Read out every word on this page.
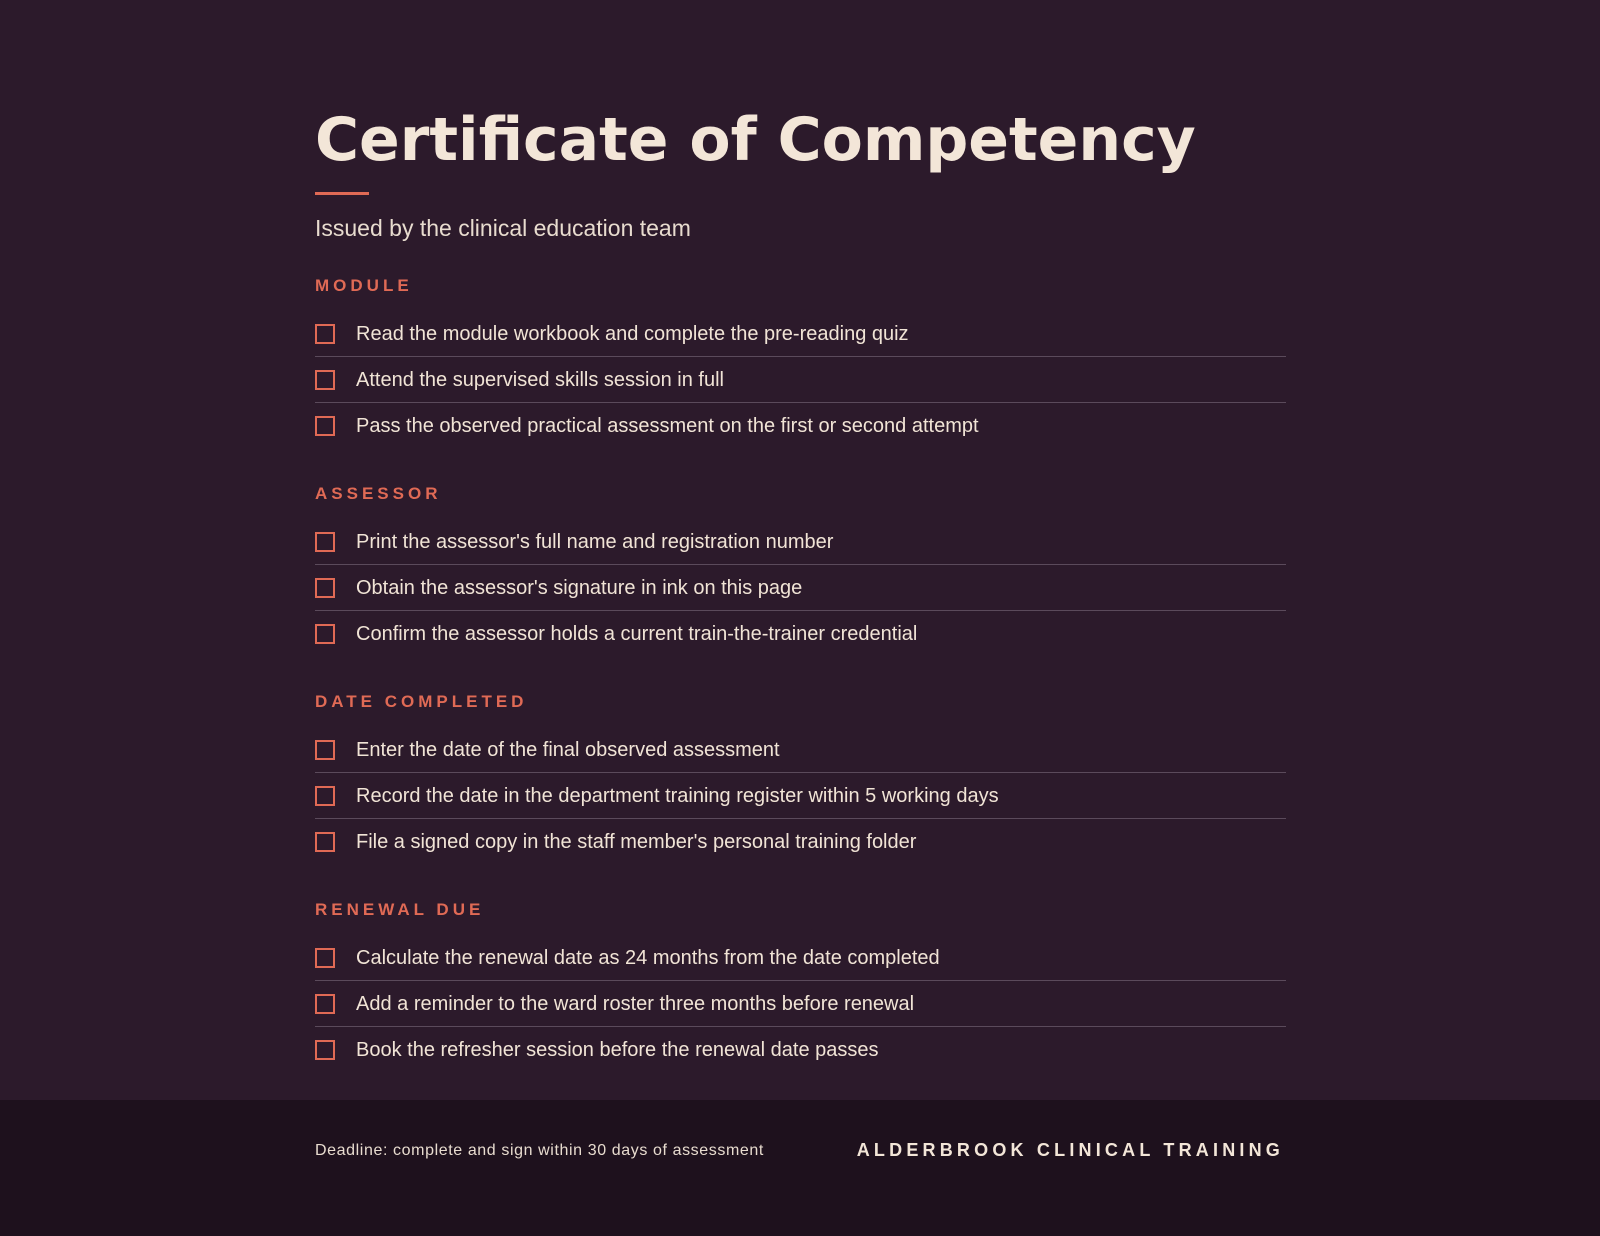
Certificate of Competency
Issued by the clinical education team
MODULE
Read the module workbook and complete the pre-reading quiz
Attend the supervised skills session in full
Pass the observed practical assessment on the first or second attempt
ASSESSOR
Print the assessor's full name and registration number
Obtain the assessor's signature in ink on this page
Confirm the assessor holds a current train-the-trainer credential
DATE COMPLETED
Enter the date of the final observed assessment
Record the date in the department training register within 5 working days
File a signed copy in the staff member's personal training folder
RENEWAL DUE
Calculate the renewal date as 24 months from the date completed
Add a reminder to the ward roster three months before renewal
Book the refresher session before the renewal date passes
Deadline: complete and sign within 30 days of assessment	ALDERBROOK CLINICAL TRAINING
